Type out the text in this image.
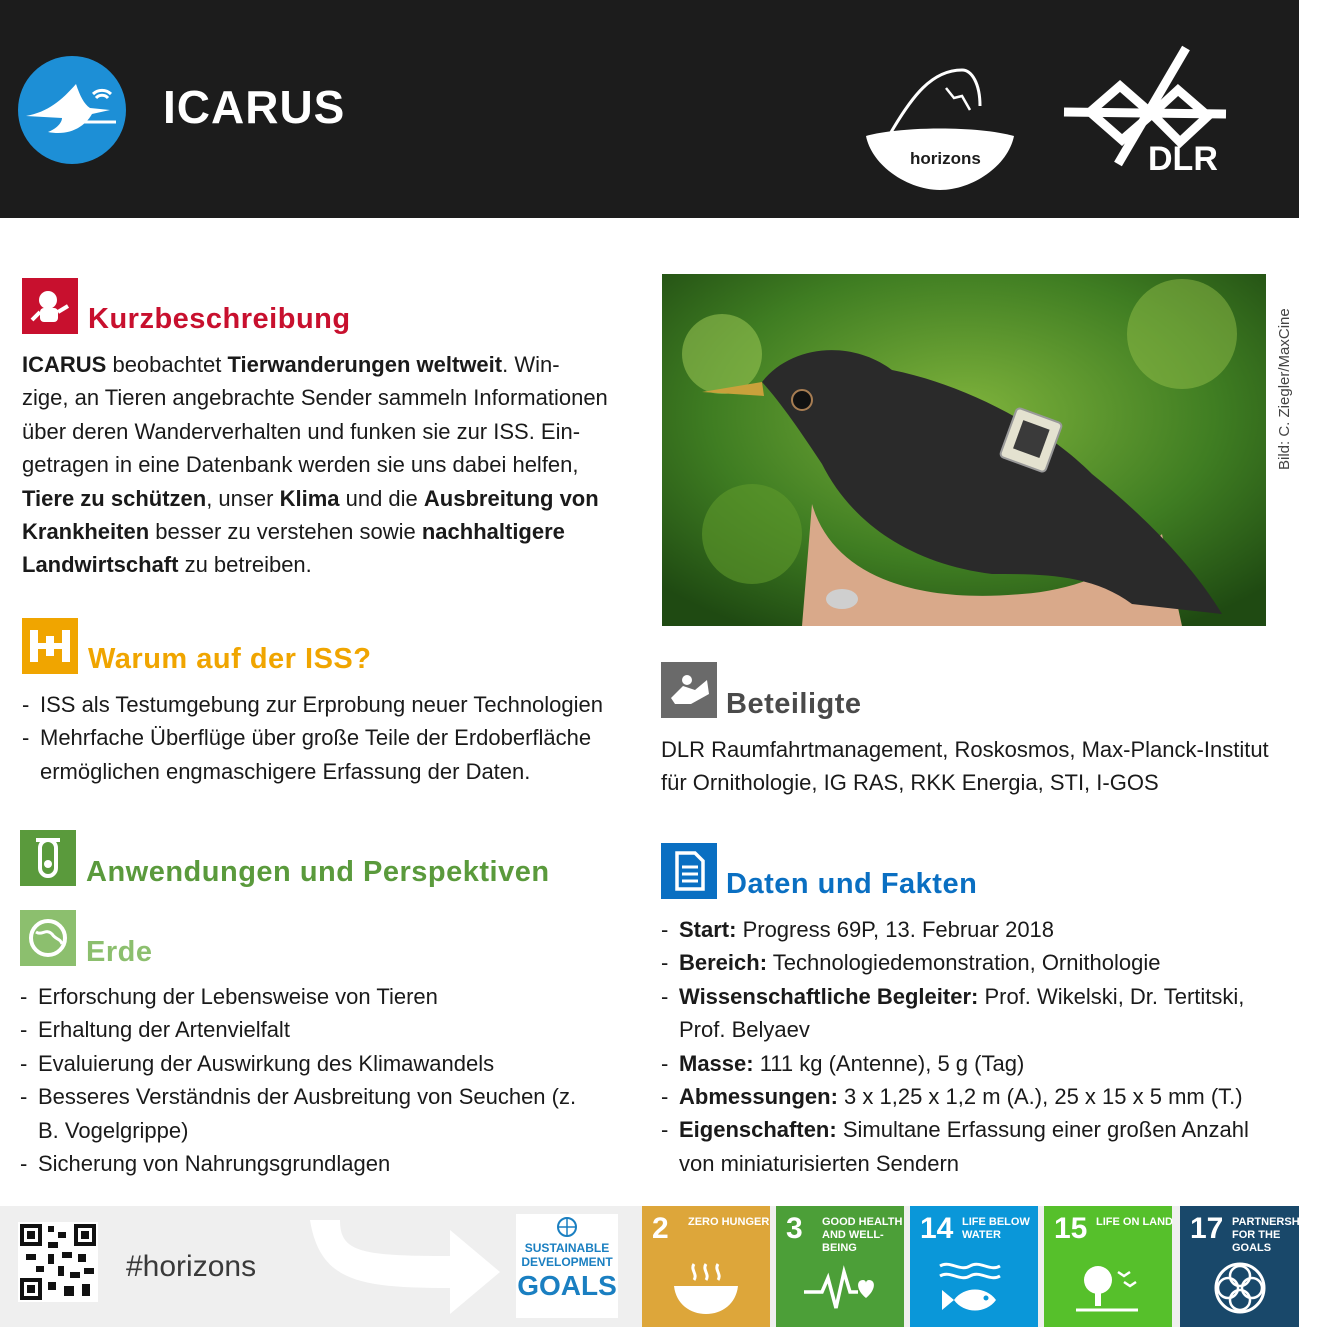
ICARUS
horizons	DLR
Kurzbeschreibung
ICARUS beobachtet Tierwanderungen weltweit. Win-
zige, an Tieren angebrachte Sender sammeln Informationen
über deren Wanderverhalten und funken sie zur ISS. Ein-
getragen in eine Datenbank werden sie uns dabei helfen,
Tiere zu schützen, unser Klima und die Ausbreitung von
Krankheiten besser zu verstehen sowie nachhaltigere
Landwirtschaft zu betreiben.
Warum auf der ISS?
- ISS als Testumgebung zur Erprobung neuer Technologien
- Mehrfache Überflüge über große Teile der Erdoberfläche ermöglichen engmaschigere Erfassung der Daten.
Anwendungen und Perspektiven
Erde
- Erforschung der Lebensweise von Tieren
- Erhaltung der Artenvielfalt
- Evaluierung der Auswirkung des Klimawandels
- Besseres Verständnis der Ausbreitung von Seuchen (z. B. Vogelgrippe)
- Sicherung von Nahrungsgrundlagen
Bild: C. Ziegler/MaxCine
Beteiligte
DLR Raumfahrtmanagement, Roskosmos, Max-Planck-Institut für Ornithologie, IG RAS, RKK Energia, STI, I-GOS
Daten und Fakten
- Start: Progress 69P, 13. Februar 2018
- Bereich: Technologiedemonstration, Ornithologie
- Wissenschaftliche Begleiter: Prof. Wikelski, Dr. Tertitski, Prof. Belyaev
- Masse: 111 kg (Antenne), 5 g (Tag)
- Abmessungen: 3 x 1,25 x 1,2 m (A.), 25 x 15 x 5 mm (T.)
- Eigenschaften: Simultane Erfassung einer großen Anzahl von miniaturisierten Sendern
#horizons
SUSTAINABLE
DEVELOPMENT
GOALS
2 ZERO HUNGER 3 GOOD HEALTH AND WELL-BEING
14 LIFE BELOW WATER	15 LIFE ON LAND 17 PARTNERSHIPS FOR THE GOALS
